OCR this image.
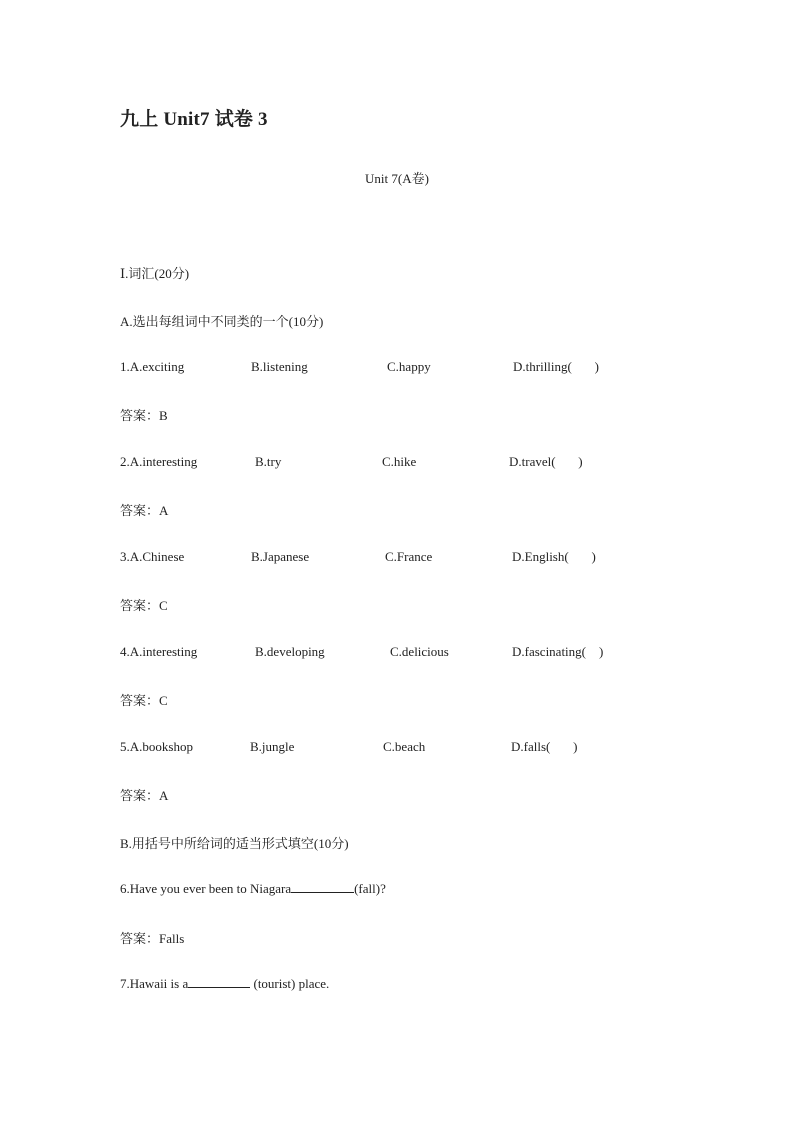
九上 Unit7 试卷 3
Unit 7(A卷)
Ⅰ.词汇(20分)
A.选出每组词中不同类的一个(10分)
1.A.exciting	B.listening	C.happy	D.thrilling(       )
答案：B
2.A.interesting	B.try	C.hike	D.travel(       )
答案：A
3.A.Chinese	B.Japanese	C.France	D.English(       )
答案：C
4.A.interesting	B.developing	C.delicious	D.fascinating(    )
答案：C
5.A.bookshop	B.jungle	C.beach	D.falls(       )
答案：A
B.用括号中所给词的适当形式填空(10分)
6.Have you ever been to Niagara	(fall)?
答案：Falls
7.Hawaii is a	(tourist) place.
